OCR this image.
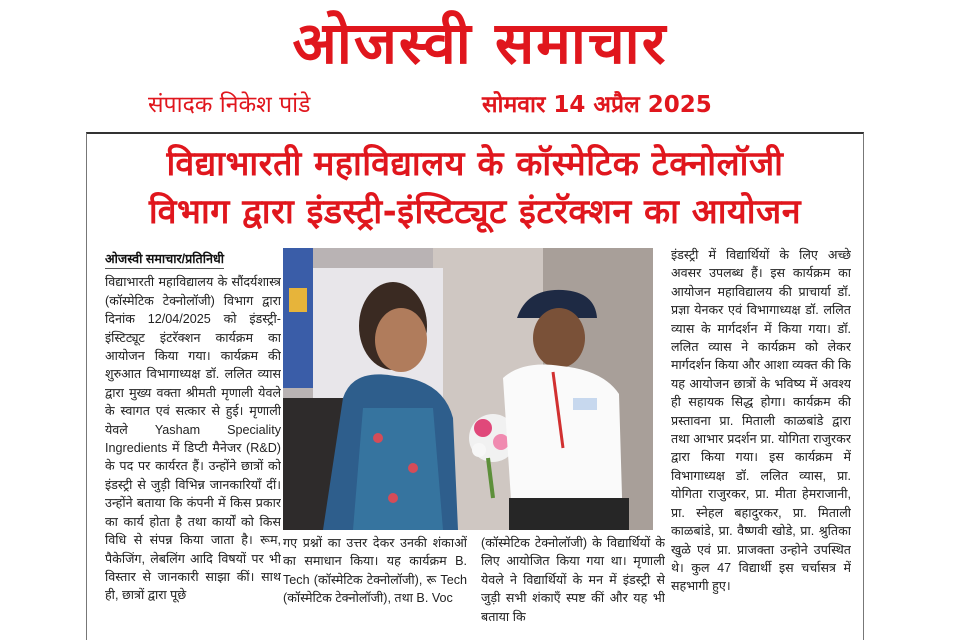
ओजस्वी समाचार
संपादक निकेश पांडे	सोमवार 14 अप्रैल 2025
विद्याभारती महाविद्यालय के कॉस्मेटिक टेक्नोलॉजी
विभाग द्वारा इंडस्ट्री-इंस्टिट्यूट इंटरॅक्शन का आयोजन
ओजस्वी समाचार/प्रतिनिधी
विद्याभारती महाविद्यालय के सौंदर्यशास्त्र (कॉस्मेटिक टेक्नोलॉजी) विभाग द्वारा दिनांक 12/04/2025 को इंडस्ट्री-इंस्टिट्यूट इंटरॅक्शन कार्यक्रम का आयोजन किया गया। कार्यक्रम की शुरुआत विभागाध्यक्ष डॉ. ललित व्यास द्वारा मुख्य वक्ता श्रीमती मृणाली येवले के स्वागत एवं सत्कार से हुई। मृणाली येवले Yasham Speciality Ingredients में डिप्टी मैनेजर (R&D) के पद पर कार्यरत हैं। उन्होंने छात्रों को इंडस्ट्री से जुड़ी विभिन्न जानकारियाँ दीं। उन्होंने बताया कि कंपनी में किस प्रकार का कार्य होता है तथा कार्यों को किस विधि से संपन्न किया जाता है। रूम, पैकेजिंग, लेबलिंग आदि विषयों पर भी विस्तार से जानकारी साझा कीं। साथ ही, छात्रों द्वारा पूछे
गए प्रश्नों का उत्तर देकर उनकी शंकाओं का समाधान किया। यह कार्यक्रम B. Tech (कॉस्मेटिक टेक्नोलॉजी), रू Tech (कॉस्मेटिक टेक्नोलॉजी), तथा B. Voc
(कॉस्मेटिक टेक्नोलॉजी) के विद्यार्थियों के लिए आयोजित किया गया था। मृणाली येवले ने विद्यार्थियों के मन में इंडस्ट्री से जुड़ी सभी शंकाएँ स्पष्ट कीं और यह भी बताया कि
इंडस्ट्री में विद्यार्थियों के लिए अच्छे अवसर उपलब्ध हैं। इस कार्यक्रम का आयोजन महाविद्यालय की प्राचार्या डॉ. प्रज्ञा येनकर एवं विभागाध्यक्ष डॉ. ललित व्यास के मार्गदर्शन में किया गया। डॉ. ललित व्यास ने कार्यक्रम को लेकर मार्गदर्शन किया और आशा व्यक्त की कि यह आयोजन छात्रों के भविष्य में अवश्य ही सहायक सिद्ध होगा। कार्यक्रम की प्रस्तावना प्रा. मिताली काळबांडे द्वारा तथा आभार प्रदर्शन प्रा. योगिता राजुरकर द्वारा किया गया। इस कार्यक्रम में विभागाध्यक्ष डॉ. ललित व्यास, प्रा. योगिता राजुरकर, प्रा. मीता हेमराजानी, प्रा. स्नेहल बहादुरकर, प्रा. मिताली काळबांडे, प्रा. वैष्णवी खोडे, प्रा. श्रुतिका खुळे एवं प्रा. प्राजक्ता उन्होने उपस्थित थे। कुल 47 विद्यार्थी इस चर्चासत्र में सहभागी हुए।
